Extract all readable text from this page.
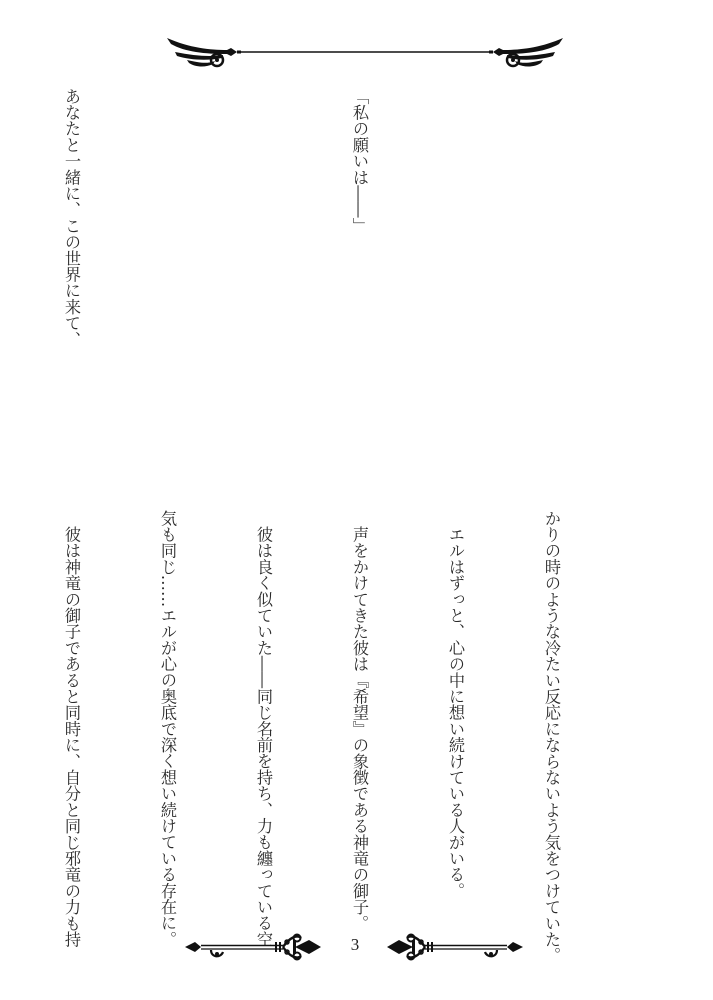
「私の願いは――」

あなたと一緒に、この世界に来て、

かりの時のような冷たい反応にならないよう気をつけていた。

　エルはずっと、心の中に想い続けている人がいる。

　声をかけてきた彼は『希望』の象徴である神竜の御子。

　彼は良く似ていた――同じ名前を持ち、力も纏っている空

気も同じ……エルが心の奥底で深く想い続けている存在に。

　彼は神竜の御子であると同時に、自分と同じ邪竜の力も持

	3
